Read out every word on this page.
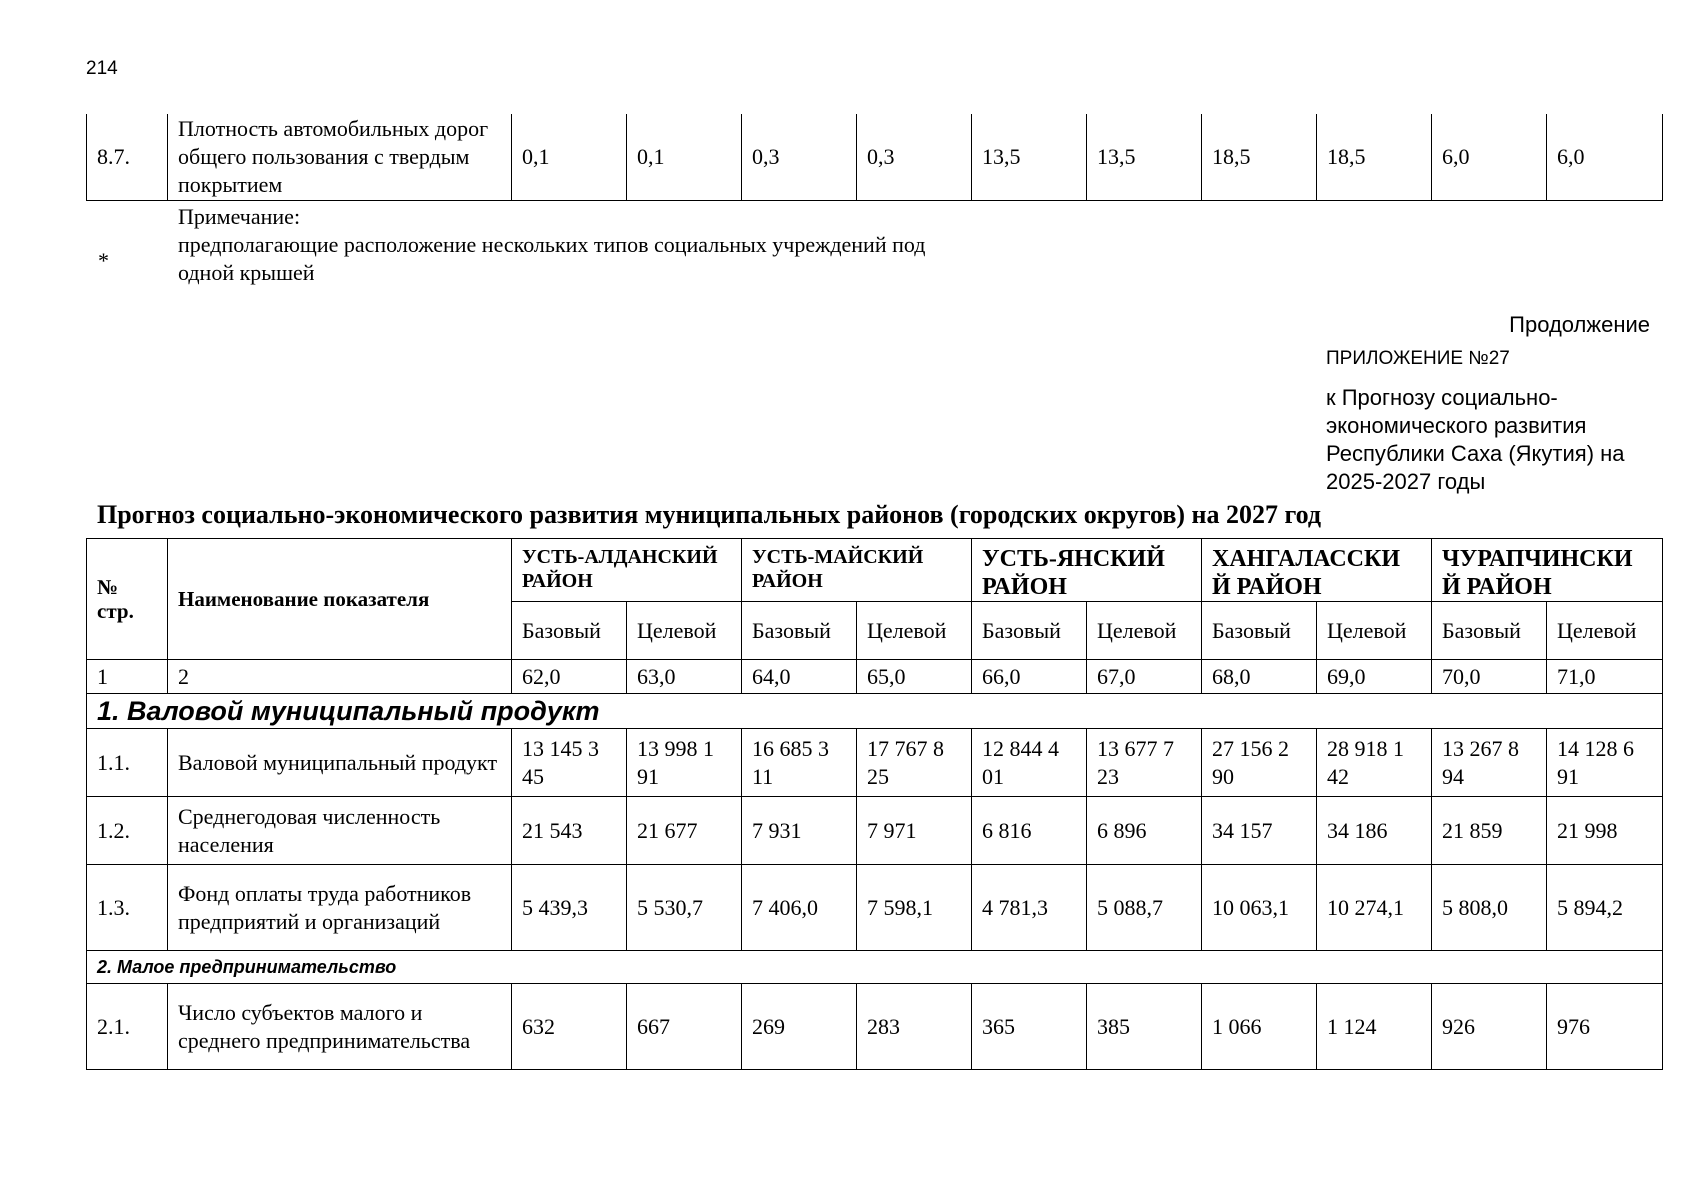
214
8.7.	Плотность автомобильных дорог общего пользования с твердым покрытием	0,1	0,1	0,3	0,3	13,5	13,5	18,5	18,5	6,0	6,0
*
Примечание:
предполагающие расположение нескольких типов социальных учреждений под одной крышей
Продолжение
ПРИЛОЖЕНИЕ №27
к Прогнозу социально-экономического развития Республики Саха (Якутия) на 2025-2027 годы
Прогноз социально-экономического развития муниципальных районов (городских округов) на 2027 год
№ стр.	Наименование показателя	УСТЬ-АЛДАНСКИЙ РАЙОН		УСТЬ-МАЙСКИЙ РАЙОН		УСТЬ-ЯНСКИЙ РАЙОН		ХАНГАЛАССКИ Й РАЙОН		ЧУРАПЧИНСКИ Й РАЙОН	
		Базовый	Целевой	Базовый	Целевой	Базовый	Целевой	Базовый	Целевой	Базовый	Целевой
1	2	62,0	63,0	64,0	65,0	66,0	67,0	68,0	69,0	70,0	71,0
1. Валовой муниципальный продукт											
1.1.	Валовой муниципальный продукт	13 145 3 45	13 998 1 91	16 685 3 11	17 767 8 25	12 844 4 01	13 677 7 23	27 156 2 90	28 918 1 42	13 267 8 94	14 128 6 91
1.2.	Среднегодовая численность населения	21 543	21 677	7 931	7 971	6 816	6 896	34 157	34 186	21 859	21 998
1.3.	Фонд оплаты труда работников предприятий и организаций	5 439,3	5 530,7	7 406,0	7 598,1	4 781,3	5 088,7	10 063,1	10 274,1	5 808,0	5 894,2
2. Малое предпринимательство											
2.1.	Число субъектов малого и среднего предпринимательства	632	667	269	283	365	385	1 066	1 124	926	976
